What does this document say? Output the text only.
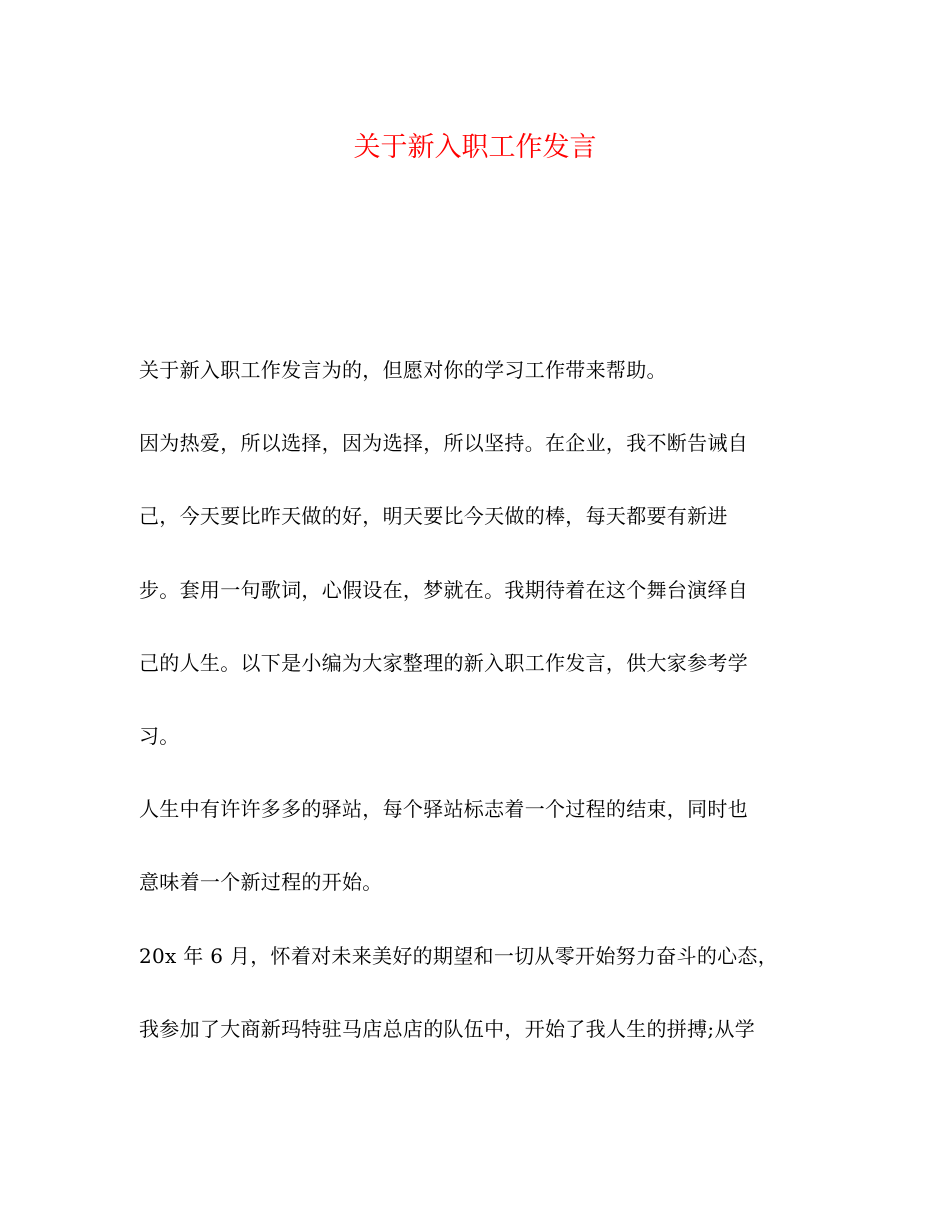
关于新入职工作发言

关于新入职工作发言为的，但愿对你的学习工作带来帮助。

因为热爱，所以选择，因为选择，所以坚持。在企业，我不断告诫自

己，今天要比昨天做的好，明天要比今天做的棒，每天都要有新进

步。套用一句歌词，心假设在，梦就在。我期待着在这个舞台演绎自

己的人生。以下是小编为大家整理的新入职工作发言，供大家参考学

习。

人生中有许许多多的驿站，每个驿站标志着一个过程的结束，同时也

意味着一个新过程的开始。

20x 年 6 月，怀着对未来美好的期望和一切从零开始努力奋斗的心态，

我参加了大商新玛特驻马店总店的队伍中，开始了我人生的拼搏;从学
